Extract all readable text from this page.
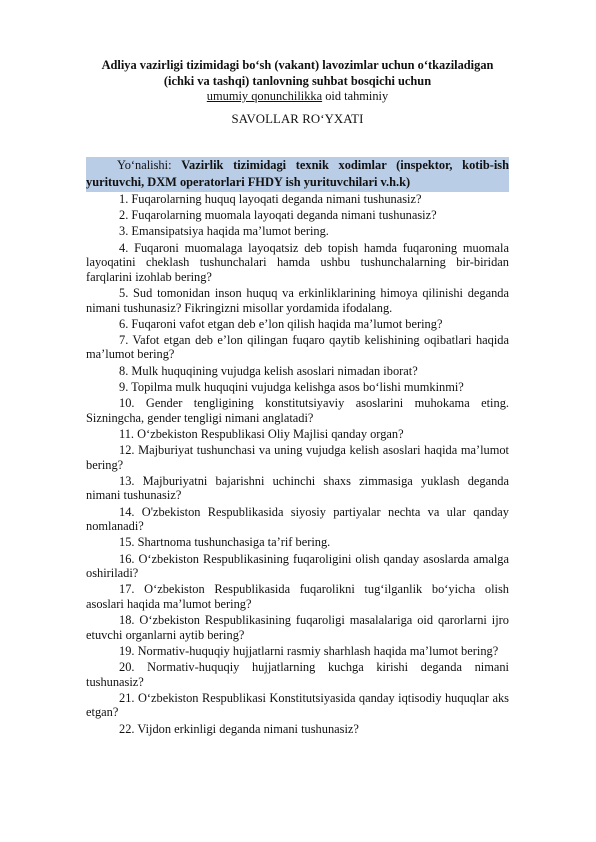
Adliya vazirligi tizimidagi bo‘sh (vakant) lavozimlar uchun o‘tkaziladigan
(ichki va tashqi) tanlovning suhbat bosqichi uchun

umumiy qonunchilikka oid tahminiy

SAVOLLAR RO‘YXATI
Yo‘nalishi: Vazirlik tizimidagi texnik xodimlar (inspektor, kotib-ish yurituvchi, DXM operatorlari FHDY ish yurituvchilari v.h.k)
1. Fuqarolarning huquq layoqati deganda nimani tushunasiz?
2. Fuqarolarning muomala layoqati deganda nimani tushunasiz?
3. Emansipatsiya haqida ma’lumot bering.
4. Fuqaroni muomalaga layoqatsiz deb topish hamda fuqaroning muomala layoqatini cheklash tushunchalari hamda ushbu tushunchalarning bir-biridan farqlarini izohlab bering?
5. Sud tomonidan inson huquq va erkinliklarining himoya qilinishi deganda nimani tushunasiz? Fikringizni misollar yordamida ifodalang.
6. Fuqaroni vafot etgan deb e’lon qilish haqida ma’lumot bering?
7. Vafot etgan deb e’lon qilingan fuqaro qaytib kelishining oqibatlari haqida ma’lumot bering?
8. Mulk huquqining vujudga kelish asoslari nimadan iborat?
9. Topilma mulk huquqini vujudga kelishga asos bo‘lishi mumkinmi?
10. Gender tengligining konstitutsiyaviy asoslarini muhokama eting. Sizningcha, gender tengligi nimani anglatadi?
11. O‘zbekiston Respublikasi Oliy Majlisi qanday organ?
12. Majburiyat tushunchasi va uning vujudga kelish asoslari haqida ma’lumot bering?
13. Majburiyatni bajarishni uchinchi shaxs zimmasiga yuklash deganda nimani tushunasiz?
14. O'zbekiston Respublikasida siyosiy partiyalar nechta va ular qanday nomlanadi?
15. Shartnoma tushunchasiga ta’rif bering.
16. O‘zbekiston Respublikasining fuqaroligini olish qanday asoslarda amalga oshiriladi?
17. O‘zbekiston Respublikasida fuqarolikni tug‘ilganlik bo‘yicha olish asoslari haqida ma’lumot bering?
18. O‘zbekiston Respublikasining fuqaroligi masalalariga oid qarorlarni ijro etuvchi organlarni aytib bering?
19. Normativ-huquqiy hujjatlarni rasmiy sharhlash haqida ma’lumot bering?
20. Normativ-huquqiy hujjatlarning kuchga kirishi deganda nimani tushunasiz?
21. O‘zbekiston Respublikasi Konstitutsiyasida qanday iqtisodiy huquqlar aks etgan?
22. Vijdon erkinligi deganda nimani tushunasiz?
